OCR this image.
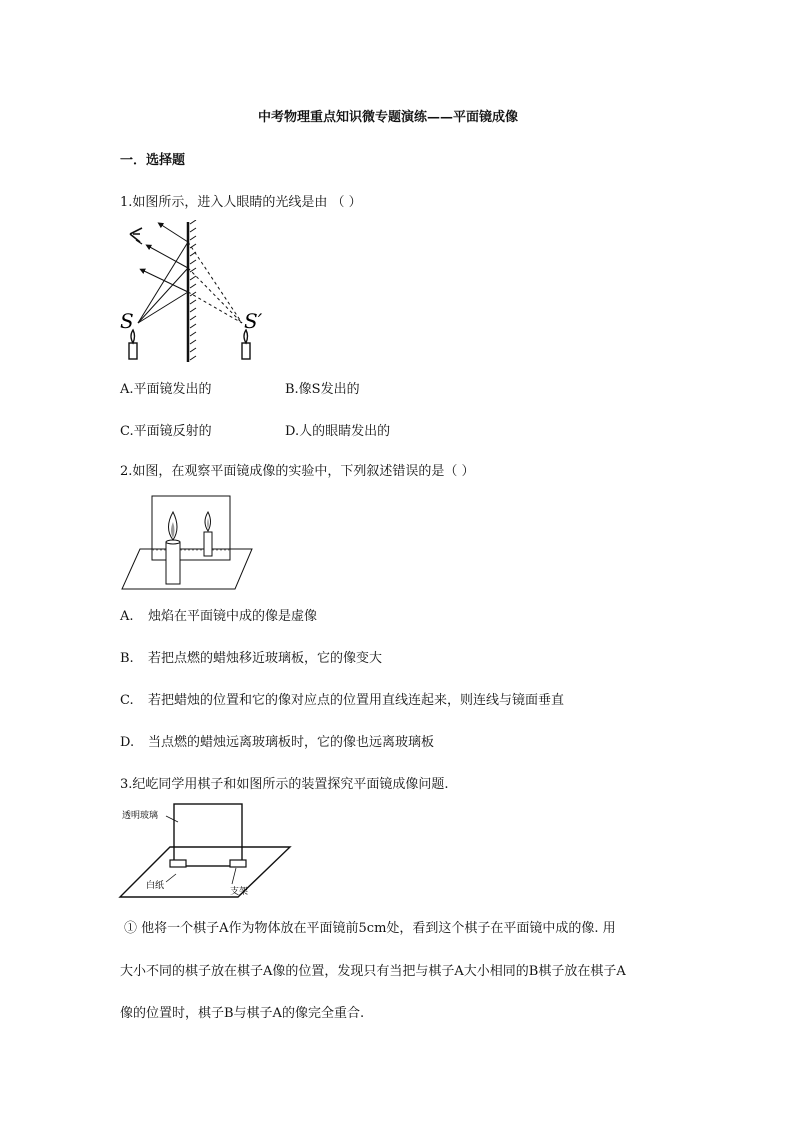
中考物理重点知识微专题演练——平面镜成像
一．选择题
1.如图所示，进入人眼睛的光线是由 （ ）
S	S′
A.平面镜发出的	B.像S发出的
C.平面镜反射的	D.人的眼睛发出的
2.如图，在观察平面镜成像的实验中，下列叙述错误的是（ ）
A. 烛焰在平面镜中成的像是虚像
B. 若把点燃的蜡烛移近玻璃板，它的像变大
C. 若把蜡烛的位置和它的像对应点的位置用直线连起来，则连线与镜面垂直
D. 当点燃的蜡烛远离玻璃板时，它的像也远离玻璃板
3.纪屹同学用棋子和如图所示的装置探究平面镜成像问题.
透明玻璃
白纸
支架
① 他将一个棋子A作为物体放在平面镜前5cm处，看到这个棋子在平面镜中成的像. 用
大小不同的棋子放在棋子A像的位置，发现只有当把与棋子A大小相同的B棋子放在棋子A
像的位置时，棋子B与棋子A的像完全重合.
